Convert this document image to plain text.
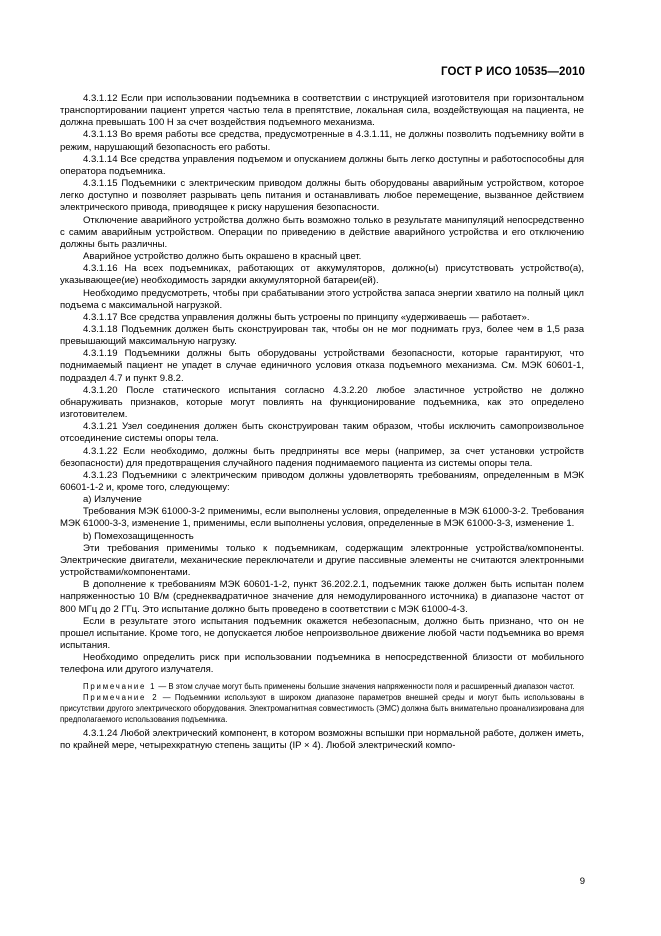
ГОСТ Р ИСО 10535—2010

4.3.1.12 Если при использовании подъемника в соответствии с инструкцией изготовителя при горизонтальном транспортировании пациент упрется частью тела в препятствие, локальная сила, воздействующая на пациента, не должна превышать 100 Н за счет воздействия подъемного механизма.

4.3.1.13 Во время работы все средства, предусмотренные в 4.3.1.11, не должны позволить подъемнику войти в режим, нарушающий безопасность его работы.

4.3.1.14 Все средства управления подъемом и опусканием должны быть легко доступны и работоспособны для оператора подъемника.

4.3.1.15 Подъемники с электрическим приводом должны быть оборудованы аварийным устройством, которое легко доступно и позволяет разрывать цепь питания и останавливать любое перемещение, вызванное действием электрического привода, приводящее к риску нарушения безопасности.

Отключение аварийного устройства должно быть возможно только в результате манипуляций непосредственно с самим аварийным устройством. Операции по приведению в действие аварийного устройства и его отключению должны быть различны.

Аварийное устройство должно быть окрашено в красный цвет.

4.3.1.16 На всех подъемниках, работающих от аккумуляторов, должно(ы) присутствовать устройство(а), указывающее(ие) необходимость зарядки аккумуляторной батареи(ей).

Необходимо предусмотреть, чтобы при срабатывании этого устройства запаса энергии хватило на полный цикл подъема с максимальной нагрузкой.

4.3.1.17 Все средства управления должны быть устроены по принципу «удерживаешь — работает».

4.3.1.18 Подъемник должен быть сконструирован так, чтобы он не мог поднимать груз, более чем в 1,5 раза превышающий максимальную нагрузку.

4.3.1.19 Подъемники должны быть оборудованы устройствами безопасности, которые гарантируют, что поднимаемый пациент не упадет в случае единичного условия отказа подъемного механизма. См. МЭК 60601-1, подраздел 4.7 и пункт 9.8.2.

4.3.1.20 После статического испытания согласно 4.3.2.20 любое эластичное устройство не должно обнаруживать признаков, которые могут повлиять на функционирование подъемника, как это определено изготовителем.

4.3.1.21 Узел соединения должен быть сконструирован таким образом, чтобы исключить самопроизвольное отсоединение системы опоры тела.

4.3.1.22 Если необходимо, должны быть предприняты все меры (например, за счет установки устройств безопасности) для предотвращения случайного падения поднимаемого пациента из системы опоры тела.

4.3.1.23 Подъемники с электрическим приводом должны удовлетворять требованиям, определенным в МЭК 60601-1-2 и, кроме того, следующему:

a) Излучение

Требования МЭК 61000-3-2 применимы, если выполнены условия, определенные в МЭК 61000-3-2. Требования МЭК 61000-3-3, изменение 1, применимы, если выполнены условия, определенные в МЭК 61000-3-3, изменение 1.

b) Помехозащищенность

Эти требования применимы только к подъемникам, содержащим электронные устройства/компоненты. Электрические двигатели, механические переключатели и другие пассивные элементы не считаются электронными устройствами/компонентами.

В дополнение к требованиям МЭК 60601-1-2, пункт 36.202.2.1, подъемник также должен быть испытан полем напряженностью 10 В/м (среднеквадратичное значение для немодулированного источника) в диапазоне частот от 800 МГц до 2 ГГц. Это испытание должно быть проведено в соответствии с МЭК 61000-4-3.

Если в результате этого испытания подъемник окажется небезопасным, должно быть признано, что он не прошел испытание. Кроме того, не допускается любое непроизвольное движение любой части подъемника во время испытания.

Необходимо определить риск при использовании подъемника в непосредственной близости от мобильного телефона или другого излучателя.

Примечание 1 — В этом случае могут быть применены большие значения напряженности поля и расширенный диапазон частот.

Примечание 2 — Подъемники используют в широком диапазоне параметров внешней среды и могут быть использованы в присутствии другого электрического оборудования. Электромагнитная совместимость (ЭМС) должна быть внимательно проанализирована для предполагаемого использования подъемника.

4.3.1.24 Любой электрический компонент, в котором возможны вспышки при нормальной работе, должен иметь, по крайней мере, четырехкратную степень защиты (IP × 4). Любой электрический компо-

9
